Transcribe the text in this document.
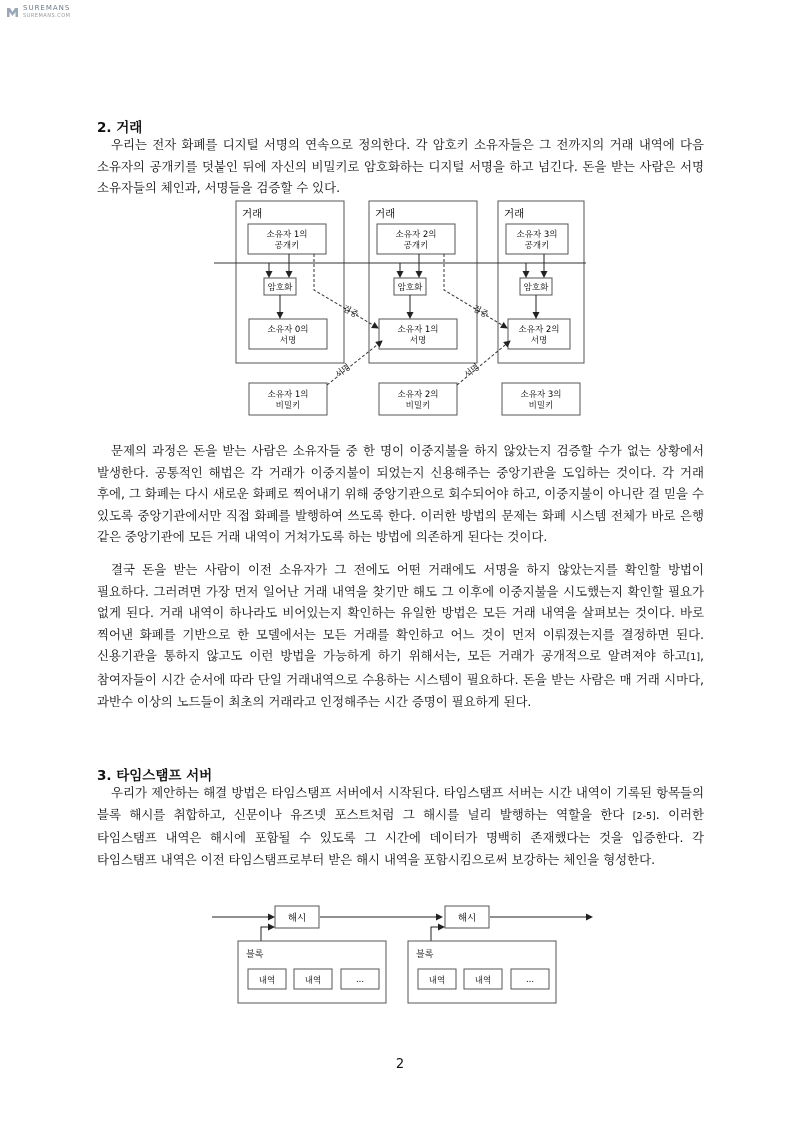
SUREMANS
SUREMANS.COM
2. 거래

우리는 전자 화폐를 디지털 서명의 연속으로 정의한다. 각 암호키 소유자들은 그 전까지의 거래 내역에 다음 소유자의 공개키를 덧붙인 뒤에 자신의 비밀키로 암호화하는 디지털 서명을 하고 넘긴다. 돈을 받는 사람은 서명 소유자들의 체인과, 서명들을 검증할 수 있다.

거래	거래	거래
소유자 1의
공개키
소유자 2의
공개키
소유자 3의
공개키
암호화	암호화	암호화
소유자 0의
서명
소유자 1의
서명
소유자 2의
서명
검증	검증
소유자 1의
비밀키
소유자 2의
비밀키
소유자 3의
비밀키
서명	서명

문제의 과정은 돈을 받는 사람은 소유자들 중 한 명이 이중지불을 하지 않았는지 검증할 수가 없는 상황에서 발생한다. 공통적인 해법은 각 거래가 이중지불이 되었는지 신용해주는 중앙기관을 도입하는 것이다. 각 거래 후에, 그 화폐는 다시 새로운 화폐로 찍어내기 위해 중앙기관으로 회수되어야 하고, 이중지불이 아니란 걸 믿을 수 있도록 중앙기관에서만 직접 화폐를 발행하여 쓰도록 한다. 이러한 방법의 문제는 화폐 시스템 전체가 바로 은행 같은 중앙기관에 모든 거래 내역이 거쳐가도록 하는 방법에 의존하게 된다는 것이다.

결국 돈을 받는 사람이 이전 소유자가 그 전에도 어떤 거래에도 서명을 하지 않았는지를 확인할 방법이 필요하다. 그러려면 가장 먼저 일어난 거래 내역을 찾기만 해도 그 이후에 이중지불을 시도했는지 확인할 필요가 없게 된다. 거래 내역이 하나라도 비어있는지 확인하는 유일한 방법은 모든 거래 내역을 살펴보는 것이다. 바로 찍어낸 화폐를 기반으로 한 모델에서는 모든 거래를 확인하고 어느 것이 먼저 이뤄졌는지를 결정하면 된다. 신용기관을 통하지 않고도 이런 방법을 가능하게 하기 위해서는, 모든 거래가 공개적으로 알려져야 하고[1], 참여자들이 시간 순서에 따라 단일 거래내역으로 수용하는 시스템이 필요하다. 돈을 받는 사람은 매 거래 시마다, 과반수 이상의 노드들이 최초의 거래라고 인정해주는 시간 증명이 필요하게 된다.

3. 타임스탬프 서버

우리가 제안하는 해결 방법은 타임스탬프 서버에서 시작된다. 타임스탬프 서버는 시간 내역이 기록된 항목들의 블록 해시를 취합하고, 신문이나 유즈넷 포스트처럼 그 해시를 널리 발행하는 역할을 한다 [2-5]. 이러한 타임스탬프 내역은 해시에 포함될 수 있도록 그 시간에 데이터가 명백히 존재했다는 것을 입증한다. 각 타임스탬프 내역은 이전 타임스탬프로부터 받은 해시 내역을 포함시킴으로써 보강하는 체인을 형성한다.

해시	해시
블록	블록
내역	내역	...	내역	내역	...
2
